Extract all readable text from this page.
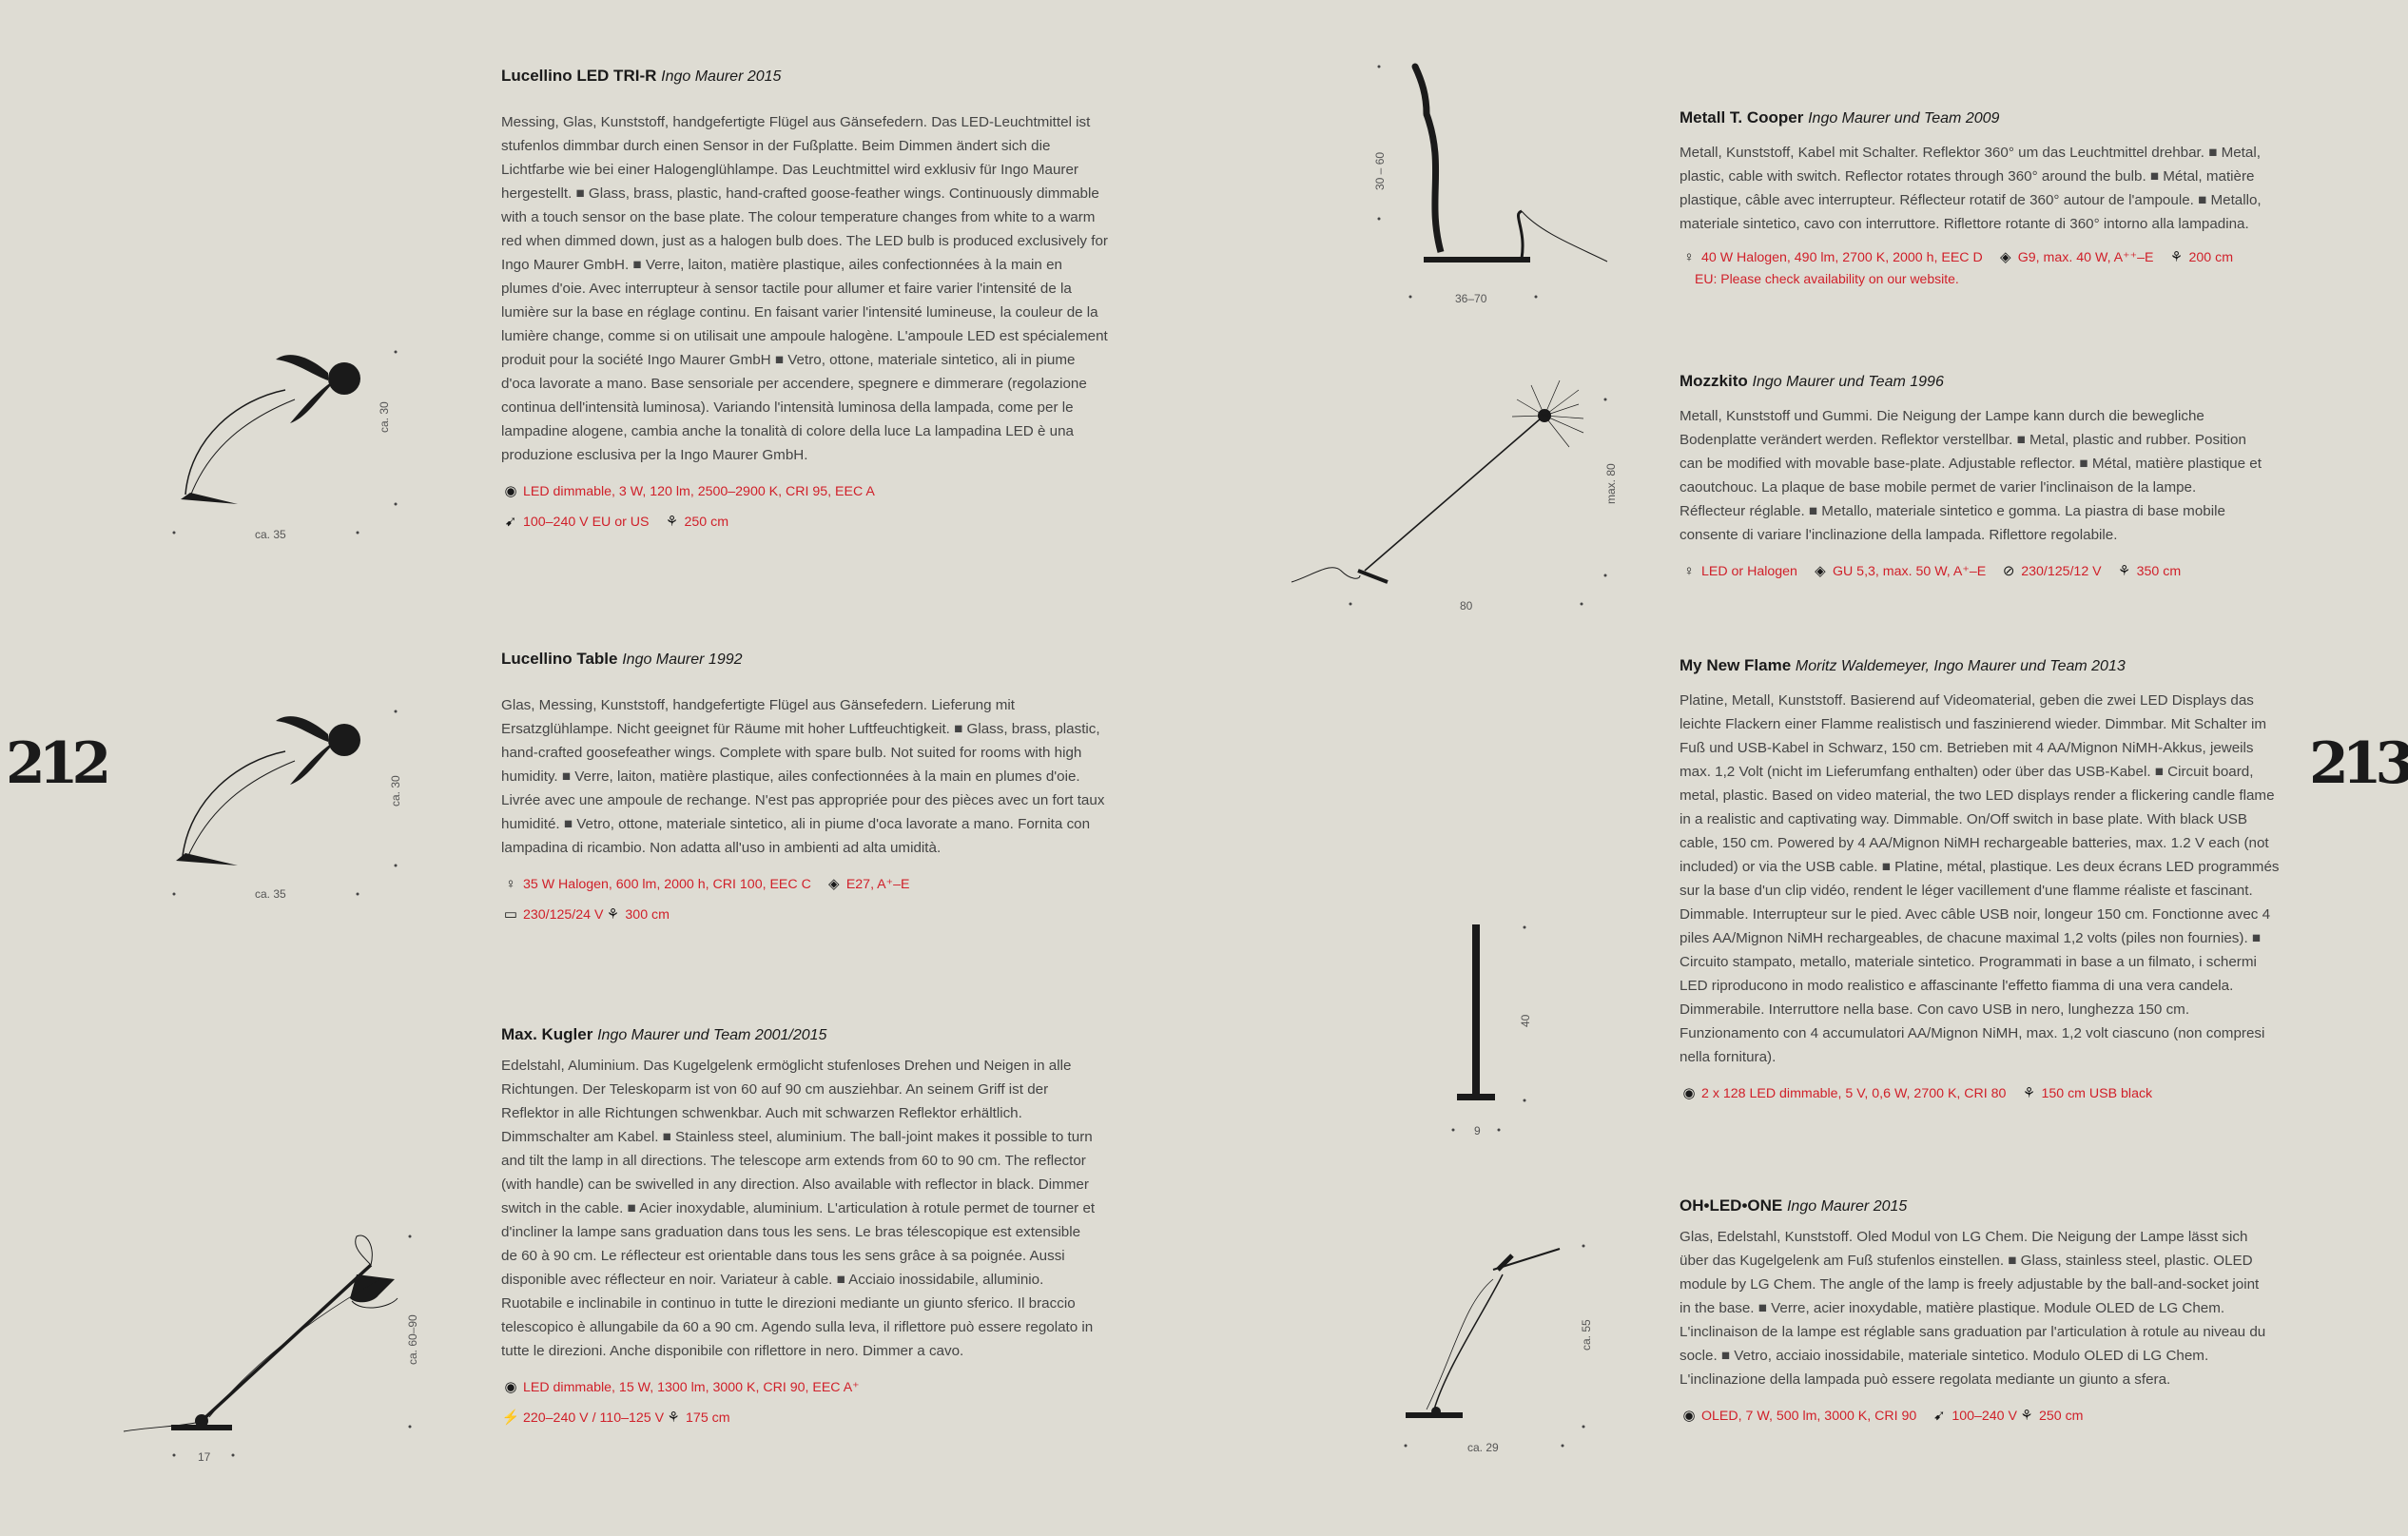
212	213
ca. 30
ca. 35
ca. 30
ca. 35
ca. 60–90
17
30 – 60
36–70
max. 80
80
40
9
ca. 55
ca. 29
Lucellino LED TRI-R Ingo Maurer 2015

Messing, Glas, Kunststoff, handgefertigte Flügel aus Gänsefedern. Das LED-Leuchtmittel ist stufenlos dimmbar durch einen Sensor in der Fußplatte. Beim Dimmen ändert sich die Lichtfarbe wie bei einer Halogenglühlampe. Das Leuchtmittel wird exklusiv für Ingo Maurer hergestellt. ■ Glass, brass, plastic, hand-crafted goose-feather wings. Continuously dimmable with a touch sensor on the base plate. The colour temperature changes from white to a warm red when dimmed down, just as a halogen bulb does. The LED bulb is produced exclusively for Ingo Maurer GmbH. ■ Verre, laiton, matière plastique, ailes confectionnées à la main en plumes d'oie. Avec interrupteur à sensor tactile pour allumer et faire varier l'intensité de la lumière sur la base en réglage continu. En faisant varier l'intensité lumineuse, la couleur de la lumière change, comme si on utilisait une ampoule halogène. L'ampoule LED est spécialement produit pour la société Ingo Maurer GmbH ■ Vetro, ottone, materiale sintetico, ali in piume d'oca lavorate a mano. Base sensoriale per accendere, spegnere e dimmerare (regolazione continua dell'intensità luminosa). Variando l'intensità luminosa della lampada, come per le lampadine alogene, cambia anche la tonalità di colore della luce La lampadina LED è una produzione esclusiva per la Ingo Maurer GmbH.

◉ LED dimmable, 3 W, 120 lm, 2500–2900 K, CRI 95, EEC A
➹ 100–240 V EU or US ⚘ 250 cm
Lucellino Table Ingo Maurer 1992

Glas, Messing, Kunststoff, handgefertigte Flügel aus Gänsefedern. Lieferung mit Ersatzglühlampe. Nicht geeignet für Räume mit hoher Luftfeuchtigkeit. ■ Glass, brass, plastic, hand-crafted goosefeather wings. Complete with spare bulb. Not suited for rooms with high humidity. ■ Verre, laiton, matière plastique, ailes confectionnées à la main en plumes d'oie. Livrée avec une ampoule de rechange. N'est pas appropriée pour des pièces avec un fort taux humidité. ■ Vetro, ottone, materiale sintetico, ali in piume d'oca lavorate a mano. Fornita con lampadina di ricambio. Non adatta all'uso in ambienti ad alta umidità.

♀ 35 W Halogen, 600 lm, 2000 h, CRI 100, EEC C ◈ E27, A⁺–E
▭ 230/125/24 V ⚘ 300 cm
Max. Kugler Ingo Maurer und Team 2001/2015

Edelstahl, Aluminium. Das Kugelgelenk ermöglicht stufenloses Drehen und Neigen in alle Richtungen. Der Teleskoparm ist von 60 auf 90 cm ausziehbar. An seinem Griff ist der Reflektor in alle Richtungen schwenkbar. Auch mit schwarzen Reflektor erhältlich. Dimmschalter am Kabel. ■ Stainless steel, aluminium. The ball-joint makes it possible to turn and tilt the lamp in all directions. The telescope arm extends from 60 to 90 cm. The reflector (with handle) can be swivelled in any direction. Also available with reflector in black. Dimmer switch in the cable. ■ Acier inoxydable, aluminium. L'articulation à rotule permet de tourner et d'incliner la lampe sans graduation dans tous les sens. Le bras télescopique est extensible de 60 à 90 cm. Le réflecteur est orientable dans tous les sens grâce à sa poignée. Aussi disponible avec réflecteur en noir. Variateur à cable. ■ Acciaio inossidabile, alluminio. Ruotabile e inclinabile in continuo in tutte le direzioni mediante un giunto sferico. Il braccio telescopico è allungabile da 60 a 90 cm. Agendo sulla leva, il riflettore può essere regolato in tutte le direzioni. Anche disponibile con riflettore in nero. Dimmer a cavo.

◉ LED dimmable, 15 W, 1300 lm, 3000 K, CRI 90, EEC A⁺
⚡ 220–240 V / 110–125 V ⚘ 175 cm
Metall T. Cooper Ingo Maurer und Team 2009

Metall, Kunststoff, Kabel mit Schalter. Reflektor 360° um das Leuchtmittel drehbar. ■ Metal, plastic, cable with switch. Reflector rotates through 360° around the bulb. ■ Métal, matière plastique, câble avec interrupteur. Réflecteur rotatif de 360° autour de l'ampoule. ■ Metallo, materiale sintetico, cavo con interruttore. Riflettore rotante di 360° intorno alla lampadina.

♀ 40 W Halogen, 490 lm, 2700 K, 2000 h, EEC D ◈ G9, max. 40 W, A⁺⁺–E ⚘ 200 cm
EU: Please check availability on our website.
Mozzkito Ingo Maurer und Team 1996

Metall, Kunststoff und Gummi. Die Neigung der Lampe kann durch die bewegliche Bodenplatte verändert werden. Reflektor verstellbar. ■ Metal, plastic and rubber. Position can be modified with movable base-plate. Adjustable reflector. ■ Métal, matière plastique et caoutchouc. La plaque de base mobile permet de varier l'inclinaison de la lampe. Réflecteur réglable. ■ Metallo, materiale sintetico e gomma. La piastra di base mobile consente di variare l'inclinazione della lampada. Riflettore regolabile.

♀ LED or Halogen ◈ GU 5,3, max. 50 W, A⁺–E ⊘ 230/125/12 V ⚘ 350 cm
My New Flame Moritz Waldemeyer, Ingo Maurer und Team 2013

Platine, Metall, Kunststoff. Basierend auf Videomaterial, geben die zwei LED Displays das leichte Flackern einer Flamme realistisch und faszinierend wieder. Dimmbar. Mit Schalter im Fuß und USB-Kabel in Schwarz, 150 cm. Betrieben mit 4 AA/Mignon NiMH-Akkus, jeweils max. 1,2 Volt (nicht im Lieferumfang enthalten) oder über das USB-Kabel. ■ Circuit board, metal, plastic. Based on video material, the two LED displays render a flickering candle flame in a realistic and captivating way. Dimmable. On/Off switch in base plate. With black USB cable, 150 cm. Powered by 4 AA/Mignon NiMH rechargeable batteries, max. 1.2 V each (not included) or via the USB cable. ■ Platine, métal, plastique. Les deux écrans LED programmés sur la base d'un clip vidéo, rendent le léger vacillement d'une flamme réaliste et fascinant. Dimmable. Interrupteur sur le pied. Avec câble USB noir, longeur 150 cm. Fonctionne avec 4 piles AA/Mignon NiMH rechargeables, de chacune maximal 1,2 volts (piles non fournies). ■ Circuito stampato, metallo, materiale sintetico. Programmati in base a un filmato, i schermi LED riproducono in modo realistico e affascinante l'effetto fiamma di una vera candela. Dimmerabile. Interruttore nella base. Con cavo USB in nero, lunghezza 150 cm. Funzionamento con 4 accumulatori AA/Mignon NiMH, max. 1,2 volt ciascuno (non compresi nella fornitura).

◉ 2 x 128 LED dimmable, 5 V, 0,6 W, 2700 K, CRI 80 ⚘ 150 cm USB black
OH•LED•ONE Ingo Maurer 2015

Glas, Edelstahl, Kunststoff. Oled Modul von LG Chem. Die Neigung der Lampe lässt sich über das Kugelgelenk am Fuß stufenlos einstellen. ■ Glass, stainless steel, plastic. OLED module by LG Chem. The angle of the lamp is freely adjustable by the ball-and-socket joint in the base. ■ Verre, acier inoxydable, matière plastique. Module OLED de LG Chem. L'inclinaison de la lampe est réglable sans graduation par l'articulation à rotule au niveau du socle. ■ Vetro, acciaio inossidabile, materiale sintetico. Modulo OLED di LG Chem. L'inclinazione della lampada può essere regolata mediante un giunto a sfera.

◉ OLED, 7 W, 500 lm, 3000 K, CRI 90 ➹ 100–240 V ⚘ 250 cm
